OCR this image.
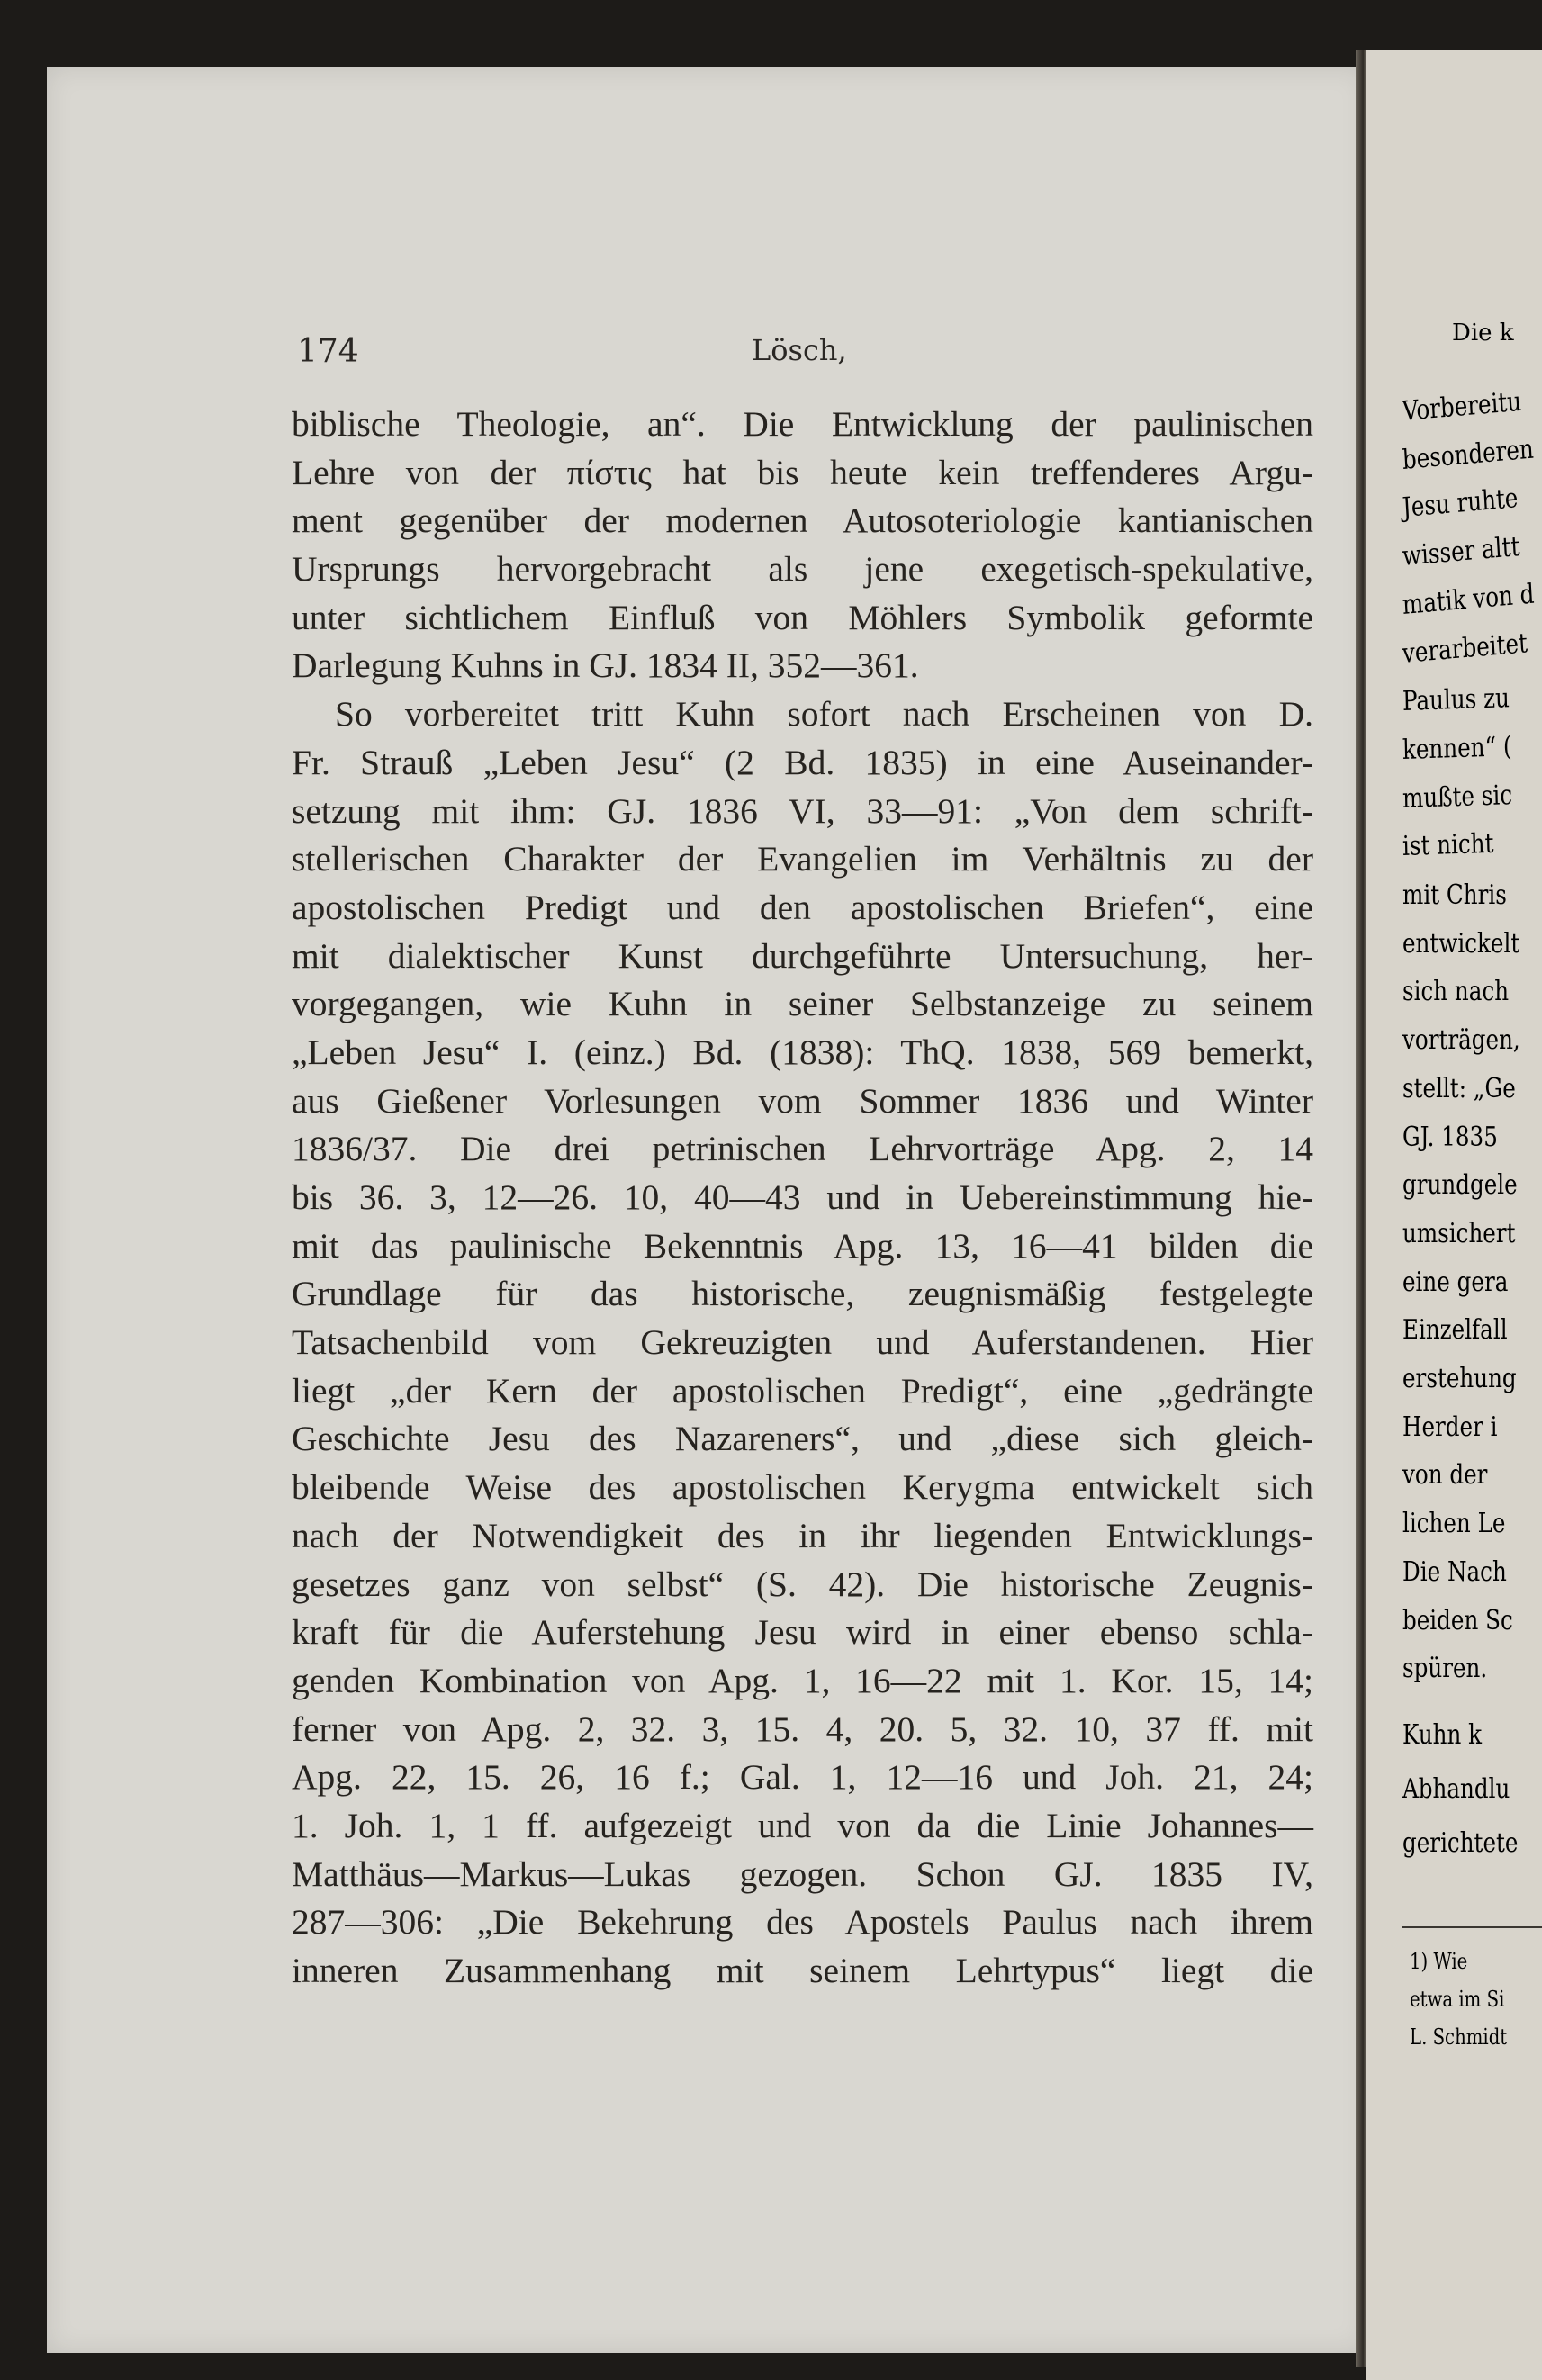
174	Lösch,
biblische Theologie, an“. Die Entwicklung der paulinischen
Lehre von der πίστις hat bis heute kein treffenderes Argu-
ment gegenüber der modernen Autosoteriologie kantianischen
Ursprungs hervorgebracht als jene exegetisch-spekulative,
unter sichtlichem Einfluß von Möhlers Symbolik geformte
Darlegung Kuhns in GJ. 1834 II, 352—361.
So vorbereitet tritt Kuhn sofort nach Erscheinen von D.
Fr. Strauß „Leben Jesu“ (2 Bd. 1835) in eine Auseinander-
setzung mit ihm: GJ. 1836 VI, 33—91: „Von dem schrift-
stellerischen Charakter der Evangelien im Verhältnis zu der
apostolischen Predigt und den apostolischen Briefen“, eine
mit dialektischer Kunst durchgeführte Untersuchung, her-
vorgegangen, wie Kuhn in seiner Selbstanzeige zu seinem
„Leben Jesu“ I. (einz.) Bd. (1838): ThQ. 1838, 569 bemerkt,
aus Gießener Vorlesungen vom Sommer 1836 und Winter
1836/37. Die drei petrinischen Lehrvorträge Apg. 2, 14
bis 36. 3, 12—26. 10, 40—43 und in Uebereinstimmung hie-
mit das paulinische Bekenntnis Apg. 13, 16—41 bilden die
Grundlage für das historische, zeugnismäßig festgelegte
Tatsachenbild vom Gekreuzigten und Auferstandenen. Hier
liegt „der Kern der apostolischen Predigt“, eine „gedrängte
Geschichte Jesu des Nazareners“, und „diese sich gleich-
bleibende Weise des apostolischen Kerygma entwickelt sich
nach der Notwendigkeit des in ihr liegenden Entwicklungs-
gesetzes ganz von selbst“ (S. 42). Die historische Zeugnis-
kraft für die Auferstehung Jesu wird in einer ebenso schla-
genden Kombination von Apg. 1, 16—22 mit 1. Kor. 15, 14;
ferner von Apg. 2, 32. 3, 15. 4, 20. 5, 32. 10, 37 ff. mit
Apg. 22, 15. 26, 16 f.; Gal. 1, 12—16 und Joh. 21, 24;
1. Joh. 1, 1 ff. aufgezeigt und von da die Linie Johannes—
Matthäus—Markus—Lukas gezogen. Schon GJ. 1835 IV,
287—306: „Die Bekehrung des Apostels Paulus nach ihrem
inneren Zusammenhang mit seinem Lehrtypus“ liegt die
Die k
Vorbereitu
besonderen
Jesu ruhte
wisser altt
matik von d
verarbeitet
Paulus zu
kennen“ (
mußte sic
ist nicht
mit Chris
entwickelt
sich nach
vorträgen,
stellt: „Ge
GJ. 1835
grundgele
umsichert
eine gera
Einzelfall
erstehung
Herder i
von der
lichen Le
Die Nach
beiden Sc
spüren.
Kuhn k
Abhandlu
gerichtete
1) Wie
etwa im Si
L. Schmidt
